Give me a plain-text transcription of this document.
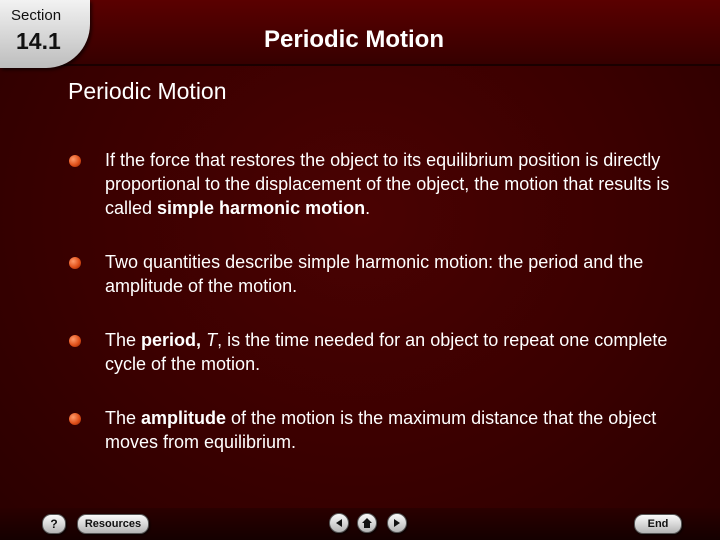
Section
14.1	Periodic Motion
Periodic Motion
If the force that restores the object to its equilibrium position is directly proportional to the displacement of the object, the motion that results is called simple harmonic motion.
Two quantities describe simple harmonic motion: the period and the amplitude of the motion.
The period, T, is the time needed for an object to repeat one complete cycle of the motion.
The amplitude of the motion is the maximum distance that the object moves from equilibrium.
? Resources	End
